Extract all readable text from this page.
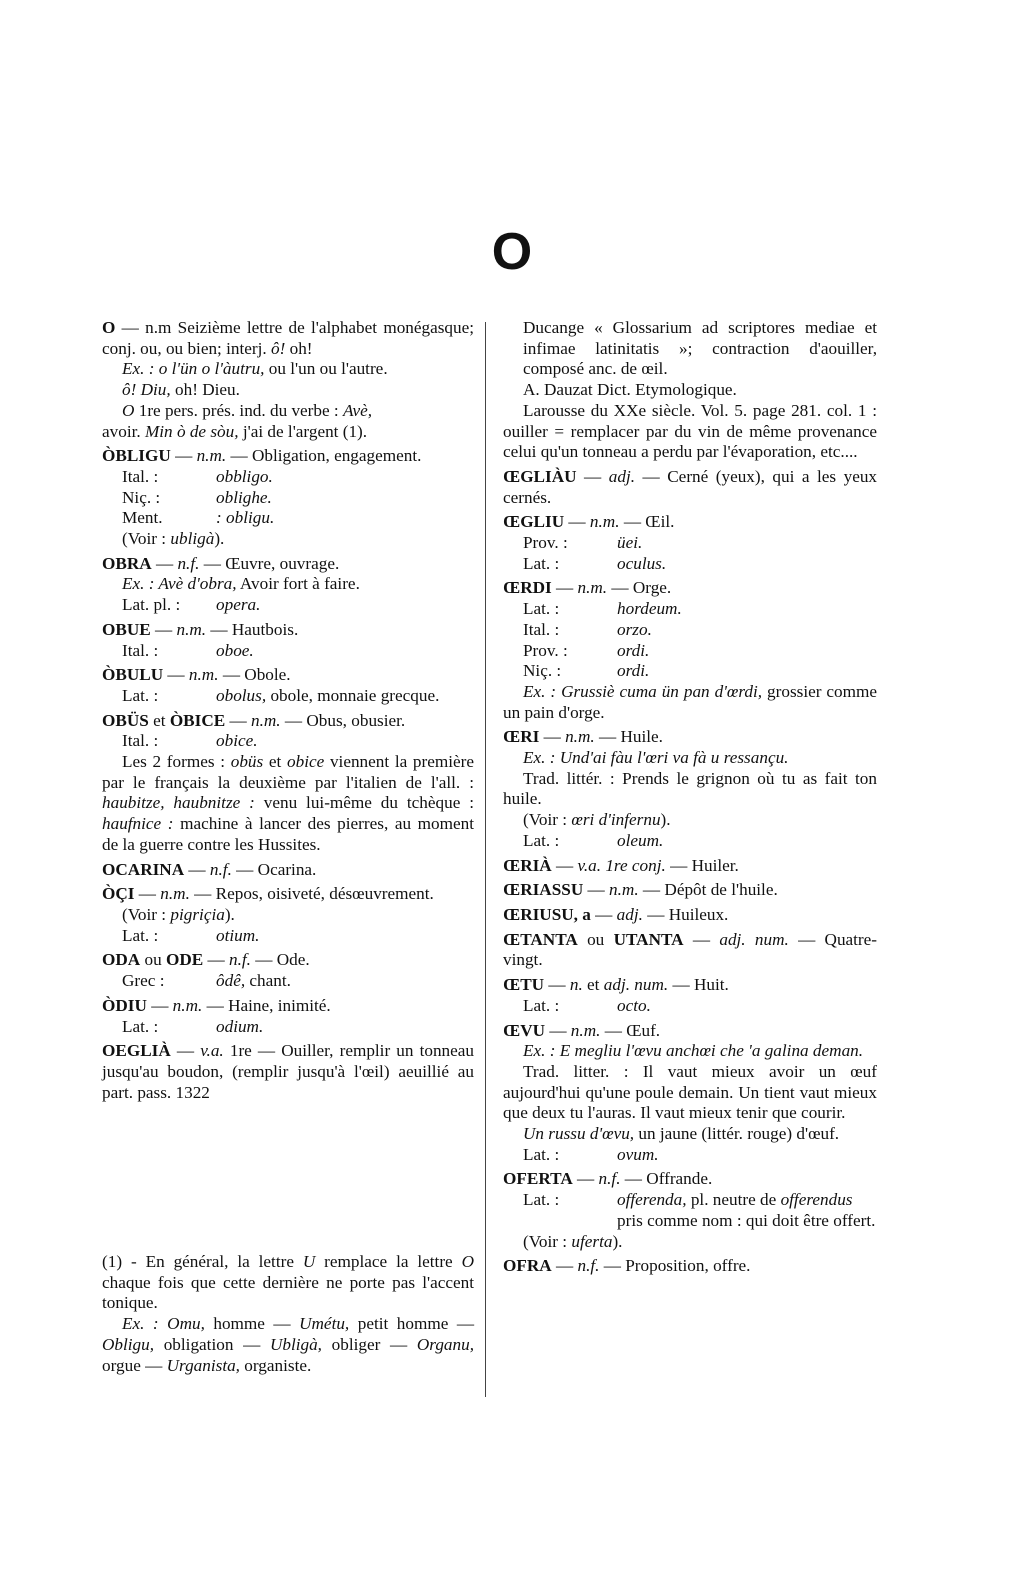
O

O — n.m Seizième lettre de l'alphabet monégasque; conj. ou, ou bien; interj. ô! oh!

Ex. : o l'ün o l'àutru, ou l'un ou l'autre.
ô! Diu, oh! Dieu.

O 1re pers. prés. ind. du verbe : Avè,

avoir. Min ò de sòu, j'ai de l'argent (1).

ÒBLIGU — n.m. — Obligation, engagement.

Ital. :	obbligo.
Niç. :	oblighe.
Ment.	: obligu.

(Voir : ubligà).

OBRA — n.f. — Œuvre, ouvrage.

Ex. : Avè d'obra, Avoir fort à faire.

Lat. pl. :	opera.

OBUE — n.m. — Hautbois.

Ital. :	oboe.

ÒBULU — n.m. — Obole.

Lat. :	obolus, obole, monnaie grecque.

OBÜS et ÒBICE — n.m. — Obus, obusier.

Ital. :	obice.

Les 2 formes : obüs et obice viennent la première par le français la deuxième par l'italien de l'all. : haubitze, haubnitze : venu lui-même du tchèque : haufnice : machine à lancer des pierres, au moment de la guerre contre les Hussites.

OCARINA — n.f. — Ocarina.

ÒÇI — n.m. — Repos, oisiveté, désœuvrement.

(Voir : pigriçia).

Lat. :	otium.

ODA ou ODE — n.f. — Ode.

Grec :	ôdê, chant.

ÒDIU — n.m. — Haine, inimité.

Lat. :	odium.

OEGLIÀ — v.a. 1re — Ouiller, remplir un tonneau jusqu'au boudon, (remplir jusqu'à l'œil) aeuillié au part. pass. 1322

(1) - En général, la lettre U remplace la lettre O chaque fois que cette dernière ne porte pas l'accent tonique.

Ex. : Omu, homme — Umétu, petit homme — Obligu, obligation — Ubligà, obliger — Organu, orgue — Urganista, organiste.

Ducange « Glossarium ad scriptores mediae et infimae latinitatis »; contraction d'aouiller, composé anc. de œil.

A. Dauzat Dict. Etymologique.

Larousse du XXe siècle. Vol. 5. page 281. col. 1 : ouiller = remplacer par du vin de même provenance celui qu'un tonneau a perdu par l'évaporation, etc....

ŒGLIÀU — adj. — Cerné (yeux), qui a les yeux cernés.

ŒGLIU — n.m. — Œil.

Prov. :	üei.
Lat. :	oculus.

ŒRDI — n.m. — Orge.

Lat. :	hordeum.
Ital. :	orzo.
Prov. :	ordi.
Niç. :	ordi.

Ex. : Grussiè cuma ün pan d'œrdi, grossier comme un pain d'orge.

ŒRI — n.m. — Huile.

Ex. : Und'ai fàu l'œri va fà u ressançu.

Trad. littér. : Prends le grignon où tu as fait ton huile.

(Voir : œri d'infernu).

Lat. :	oleum.

ŒRIÀ — v.a. 1re conj. — Huiler.

ŒRIASSU — n.m. — Dépôt de l'huile.

ŒRIUSU, a — adj. — Huileux.

ŒTANTA ou UTANTA — adj. num. — Quatre-vingt.

ŒTU — n. et adj. num. — Huit.

Lat. :	octo.

ŒVU — n.m. — Œuf.

Ex. : E megliu l'œvu anchœi che 'a galina deman.

Trad. litter. : Il vaut mieux avoir un œuf aujourd'hui qu'une poule demain. Un tient vaut mieux que deux tu l'auras. Il vaut mieux tenir que courir.

Un russu d'œvu, un jaune (littér. rouge) d'œuf.

Lat. :	ovum.

OFERTA — n.f. — Offrande.

Lat. :	offerenda, pl. neutre de offerendus pris comme nom : qui doit être offert.

(Voir : uferta).

OFRA — n.f. — Proposition, offre.
